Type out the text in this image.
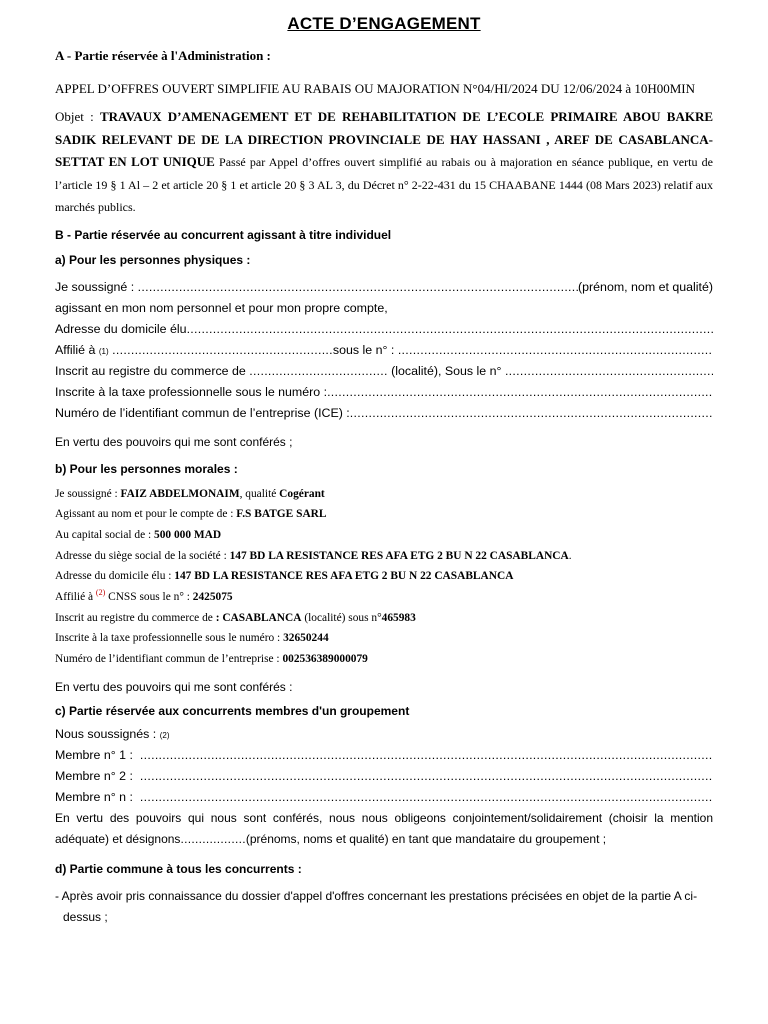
ACTE D’ENGAGEMENT

A - Partie réservée à l'Administration :

APPEL D’OFFRES OUVERT SIMPLIFIE AU RABAIS OU MAJORATION N°04/HI/2024 DU 12/06/2024 à 10H00MIN

Objet : TRAVAUX D’AMENAGEMENT ET DE REHABILITATION DE L’ECOLE PRIMAIRE ABOU BAKRE SADIK RELEVANT DE DE LA DIRECTION PROVINCIALE DE HAY HASSANI , AREF DE CASABLANCA-SETTAT EN LOT UNIQUE Passé par Appel d’offres ouvert simplifié au rabais ou à majoration en séance publique, en vertu de l’article 19 § 1 Al – 2 et article 20 § 1 et article 20 § 3 AL 3, du Décret n° 2-22-431 du 15 CHAABANE 1444 (08 Mars 2023) relatif aux marchés publics.

B - Partie réservée au concurrent agissant à titre individuel

a) Pour les personnes physiques :

Je soussigné :

.....	(prénom, nom et qualité)
agissant en mon nom personnel et pour mon propre compte,
Adresse du domicile élu
.....
Affilié à
(1)
........................................................... sous le n° :

.....
Inscrit au registre du commerce de
.....................................
(localité), Sous le n°

.....
Inscrite à la taxe professionnelle sous le numéro :
.....
Numéro de l’identifiant commun de l’entreprise (ICE) :
.....

En vertu des pouvoirs qui me sont conférés ;

b) Pour les personnes morales :

Je soussigné : FAIZ ABDELMONAIM, qualité Cogérant

Agissant au nom et pour le compte de : F.S BATGE SARL

Au capital social de : 500 000 MAD

Adresse du siège social de la société : 147 BD LA RESISTANCE RES AFA ETG 2 BU N 22 CASABLANCA.

Adresse du domicile élu : 147 BD LA RESISTANCE RES AFA ETG 2 BU N 22 CASABLANCA

Affilié à $^{(2)}$ CNSS sous le n° : 2425075

Inscrit au registre du commerce de : CASABLANCA (localité) sous n°465983

Inscrite à la taxe professionnelle sous le numéro : 32650244

Numéro de l’identifiant commun de l’entreprise : 002536389000079

En vertu des pouvoirs qui me sont conférés :

c) Partie réservée aux concurrents membres d'un groupement

Nous soussignés :
(2)
Membre n° 1 :

.....
Membre n° 2 :

.....
Membre n° n :

.....

En vertu des pouvoirs qui nous sont conférés, nous nous obligeons conjointement/solidairement (choisir la mention adéquate) et désignons..................(prénoms, noms et qualité) en tant que mandataire du groupement ;

d) Partie commune à tous les concurrents :

- Après avoir pris connaissance du dossier d'appel d'offres concernant les prestations précisées en objet de la partie A ci-dessus ;
